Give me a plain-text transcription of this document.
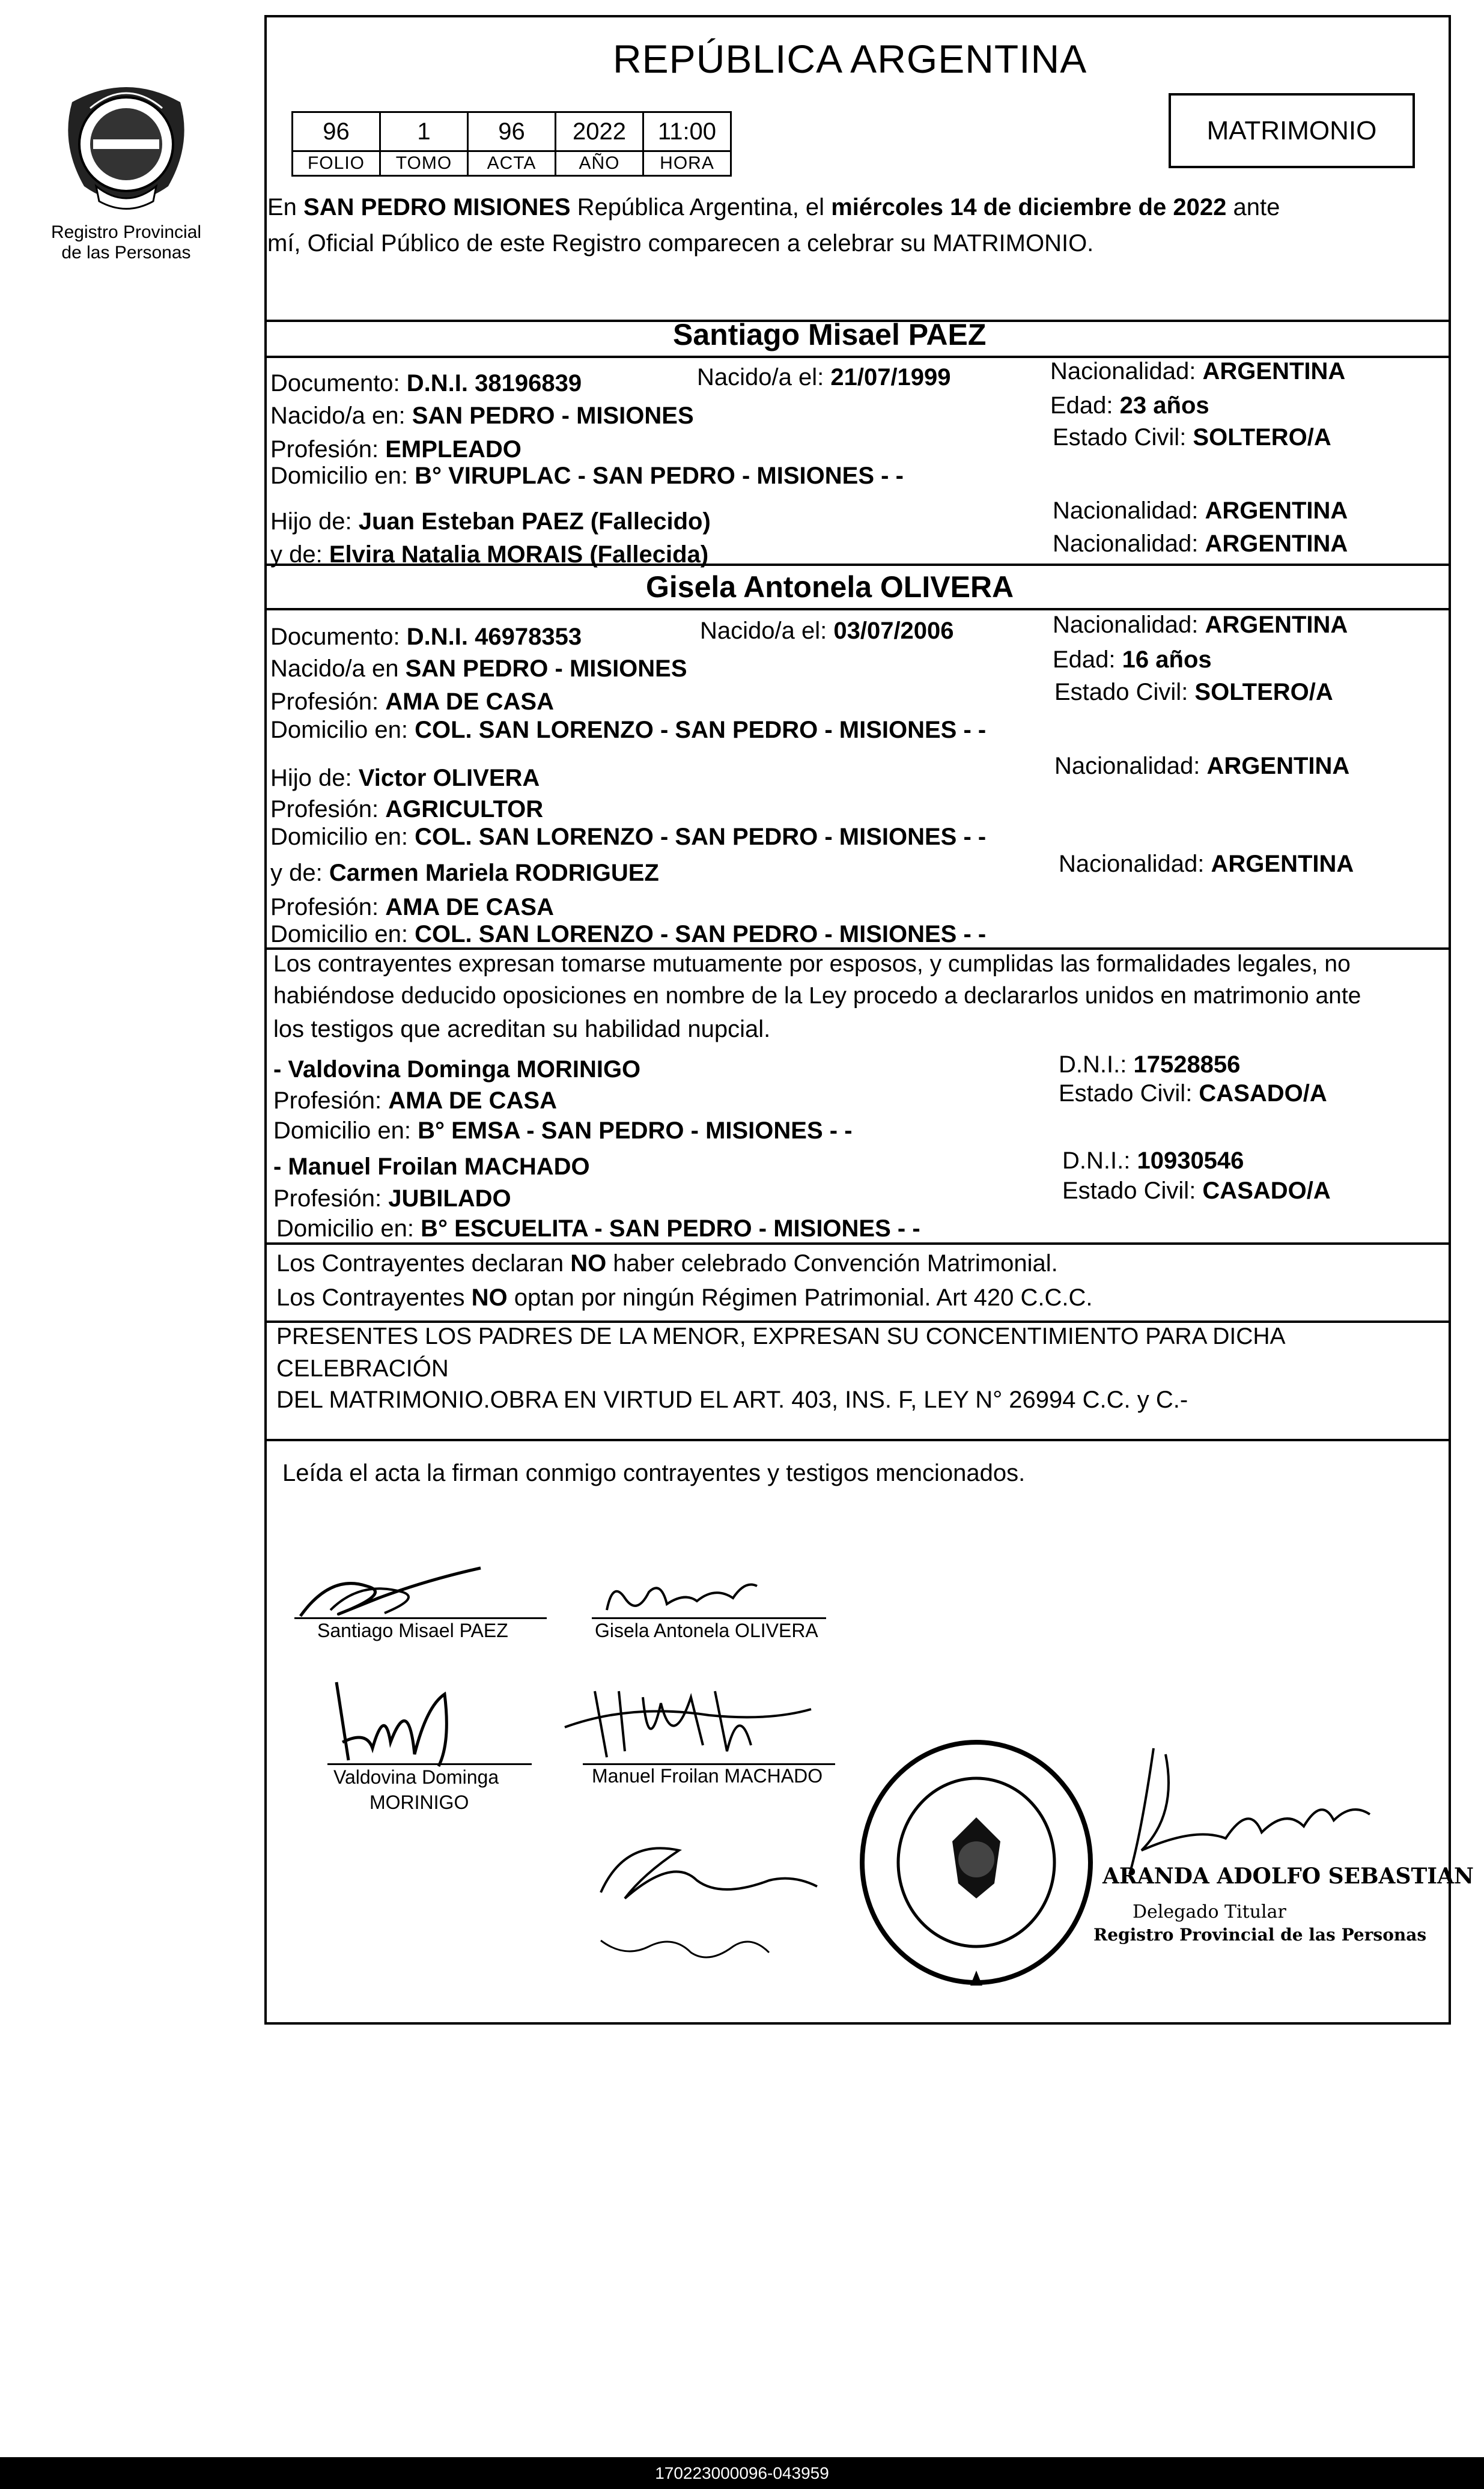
Registro Provincial
de las Personas
REPÚBLICA ARGENTINA
96	1	96	2022	11:00
FOLIO	TOMO	ACTA	AÑO	HORA
MATRIMONIO
En SAN PEDRO MISIONES República Argentina, el miércoles 14 de diciembre de 2022 ante
mí, Oficial Público de este Registro comparecen a celebrar su MATRIMONIO.
Santiago Misael PAEZ
Documento: D.N.I. 38196839	Nacido/a el: 21/07/1999	Nacionalidad: ARGENTINA
Nacido/a en: SAN PEDRO - MISIONES	Edad: 23 años
Profesión: EMPLEADO	Estado Civil: SOLTERO/A
Domicilio en: B° VIRUPLAC - SAN PEDRO - MISIONES - -
Hijo de: Juan Esteban PAEZ (Fallecido)	Nacionalidad: ARGENTINA
y de: Elvira Natalia MORAIS (Fallecida)	Nacionalidad: ARGENTINA
Gisela Antonela OLIVERA
Documento: D.N.I. 46978353	Nacido/a el: 03/07/2006	Nacionalidad: ARGENTINA
Nacido/a en SAN PEDRO - MISIONES	Edad: 16 años
Profesión: AMA DE CASA	Estado Civil: SOLTERO/A
Domicilio en: COL. SAN LORENZO - SAN PEDRO - MISIONES - -
Hijo de: Victor OLIVERA	Nacionalidad: ARGENTINA
Profesión: AGRICULTOR
Domicilio en: COL. SAN LORENZO - SAN PEDRO - MISIONES - -
y de: Carmen Mariela RODRIGUEZ	Nacionalidad: ARGENTINA
Profesión: AMA DE CASA
Domicilio en: COL. SAN LORENZO - SAN PEDRO - MISIONES - -
Los contrayentes expresan tomarse mutuamente por esposos, y cumplidas las formalidades legales, no
habiéndose deducido oposiciones en nombre de la Ley procedo a declararlos unidos en matrimonio ante
los testigos que acreditan su habilidad nupcial.
- Valdovina Dominga MORINIGO	D.N.I.: 17528856
Profesión: AMA DE CASA	Estado Civil: CASADO/A
Domicilio en: B° EMSA - SAN PEDRO - MISIONES - -
- Manuel Froilan MACHADO	D.N.I.: 10930546
Profesión: JUBILADO	Estado Civil: CASADO/A
Domicilio en: B° ESCUELITA - SAN PEDRO - MISIONES - -
Los Contrayentes declaran NO haber celebrado Convención Matrimonial.
Los Contrayentes NO optan por ningún Régimen Patrimonial. Art 420 C.C.C.
PRESENTES LOS PADRES DE LA MENOR, EXPRESAN SU CONCENTIMIENTO PARA DICHA
CELEBRACIÓN
DEL MATRIMONIO.OBRA EN VIRTUD EL ART. 403, INS. F, LEY N° 26994 C.C. y C.-
Leída el acta la firman conmigo contrayentes y testigos mencionados.
Santiago Misael PAEZ	Gisela Antonela OLIVERA
Valdovina Dominga
MORINIGO
Manuel Froilan MACHADO
ARANDA ADOLFO SEBASTIAN
Delegado Titular
Registro Provincial de las Personas
170223000096-043959
